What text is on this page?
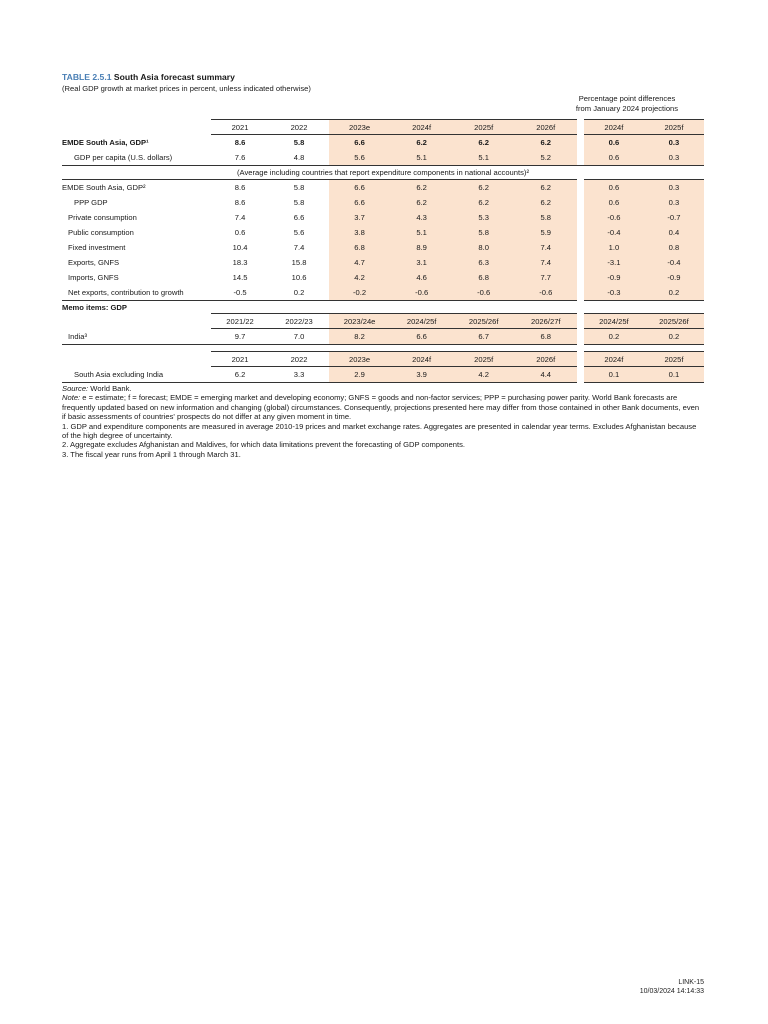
TABLE 2.5.1 South Asia forecast summary
(Real GDP growth at market prices in percent, unless indicated otherwise)
Percentage point differences
from January 2024 projections
	2021	2022	2023e	2024f	2025f	2026f		2024f	2025f
EMDE South Asia, GDP¹	8.6	5.8	6.6	6.2	6.2	6.2		0.6	0.3
GDP per capita (U.S. dollars)	7.6	4.8	5.6	5.1	5.1	5.2		0.6	0.3
(Average including countries that report expenditure components in national accounts)²									
EMDE South Asia, GDP²	8.6	5.8	6.6	6.2	6.2	6.2		0.6	0.3
PPP GDP	8.6	5.8	6.6	6.2	6.2	6.2		0.6	0.3
Private consumption	7.4	6.6	3.7	4.3	5.3	5.8		-0.6	-0.7
Public consumption	0.6	5.6	3.8	5.1	5.8	5.9		-0.4	0.4
Fixed investment	10.4	7.4	6.8	8.9	8.0	7.4		1.0	0.8
Exports, GNFS	18.3	15.8	4.7	3.1	6.3	7.4		-3.1	-0.4
Imports, GNFS	14.5	10.6	4.2	4.6	6.8	7.7		-0.9	-0.9
Net exports, contribution to growth	-0.5	0.2	-0.2	-0.6	-0.6	-0.6		-0.3	0.2
Memo items: GDP									
	2021/22	2022/23	2023/24e	2024/25f	2025/26f	2026/27f		2024/25f	2025/26f
India³	9.7	7.0	8.2	6.6	6.7	6.8		0.2	0.2

	2021	2022	2023e	2024f	2025f	2026f		2024f	2025f
South Asia excluding India	6.2	3.3	2.9	3.9	4.2	4.4		0.1	0.1

Source: World Bank.

Note: e = estimate; f = forecast; EMDE = emerging market and developing economy; GNFS = goods and non-factor services; PPP = purchasing power parity. World Bank forecasts are frequently updated based on new information and changing (global) circumstances. Consequently, projections presented here may differ from those contained in other Bank documents, even if basic assessments of countries' prospects do not differ at any given moment in time.

1. GDP and expenditure components are measured in average 2010-19 prices and market exchange rates. Aggregates are presented in calendar year terms. Excludes Afghanistan because of the high degree of uncertainty.

2. Aggregate excludes Afghanistan and Maldives, for which data limitations prevent the forecasting of GDP components.

3. The fiscal year runs from April 1 through March 31.

LINK-15
10/03/2024 14:14:33
